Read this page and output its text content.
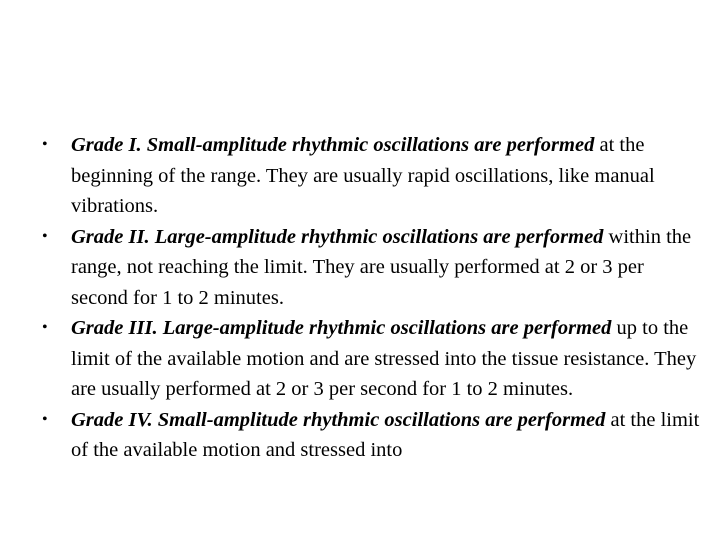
• Grade I. Small-amplitude rhythmic oscillations are performed at the beginning of the range. They are usually rapid oscillations, like manual vibrations.
• Grade II. Large-amplitude rhythmic oscillations are performed within the range, not reaching the limit. They are usually performed at 2 or 3 per second for 1 to 2 minutes.
• Grade III. Large-amplitude rhythmic oscillations are performed up to the limit of the available motion and are stressed into the tissue resistance. They are usually performed at 2 or 3 per second for 1 to 2 minutes.
• Grade IV. Small-amplitude rhythmic oscillations are performed at the limit of the available motion and stressed into
